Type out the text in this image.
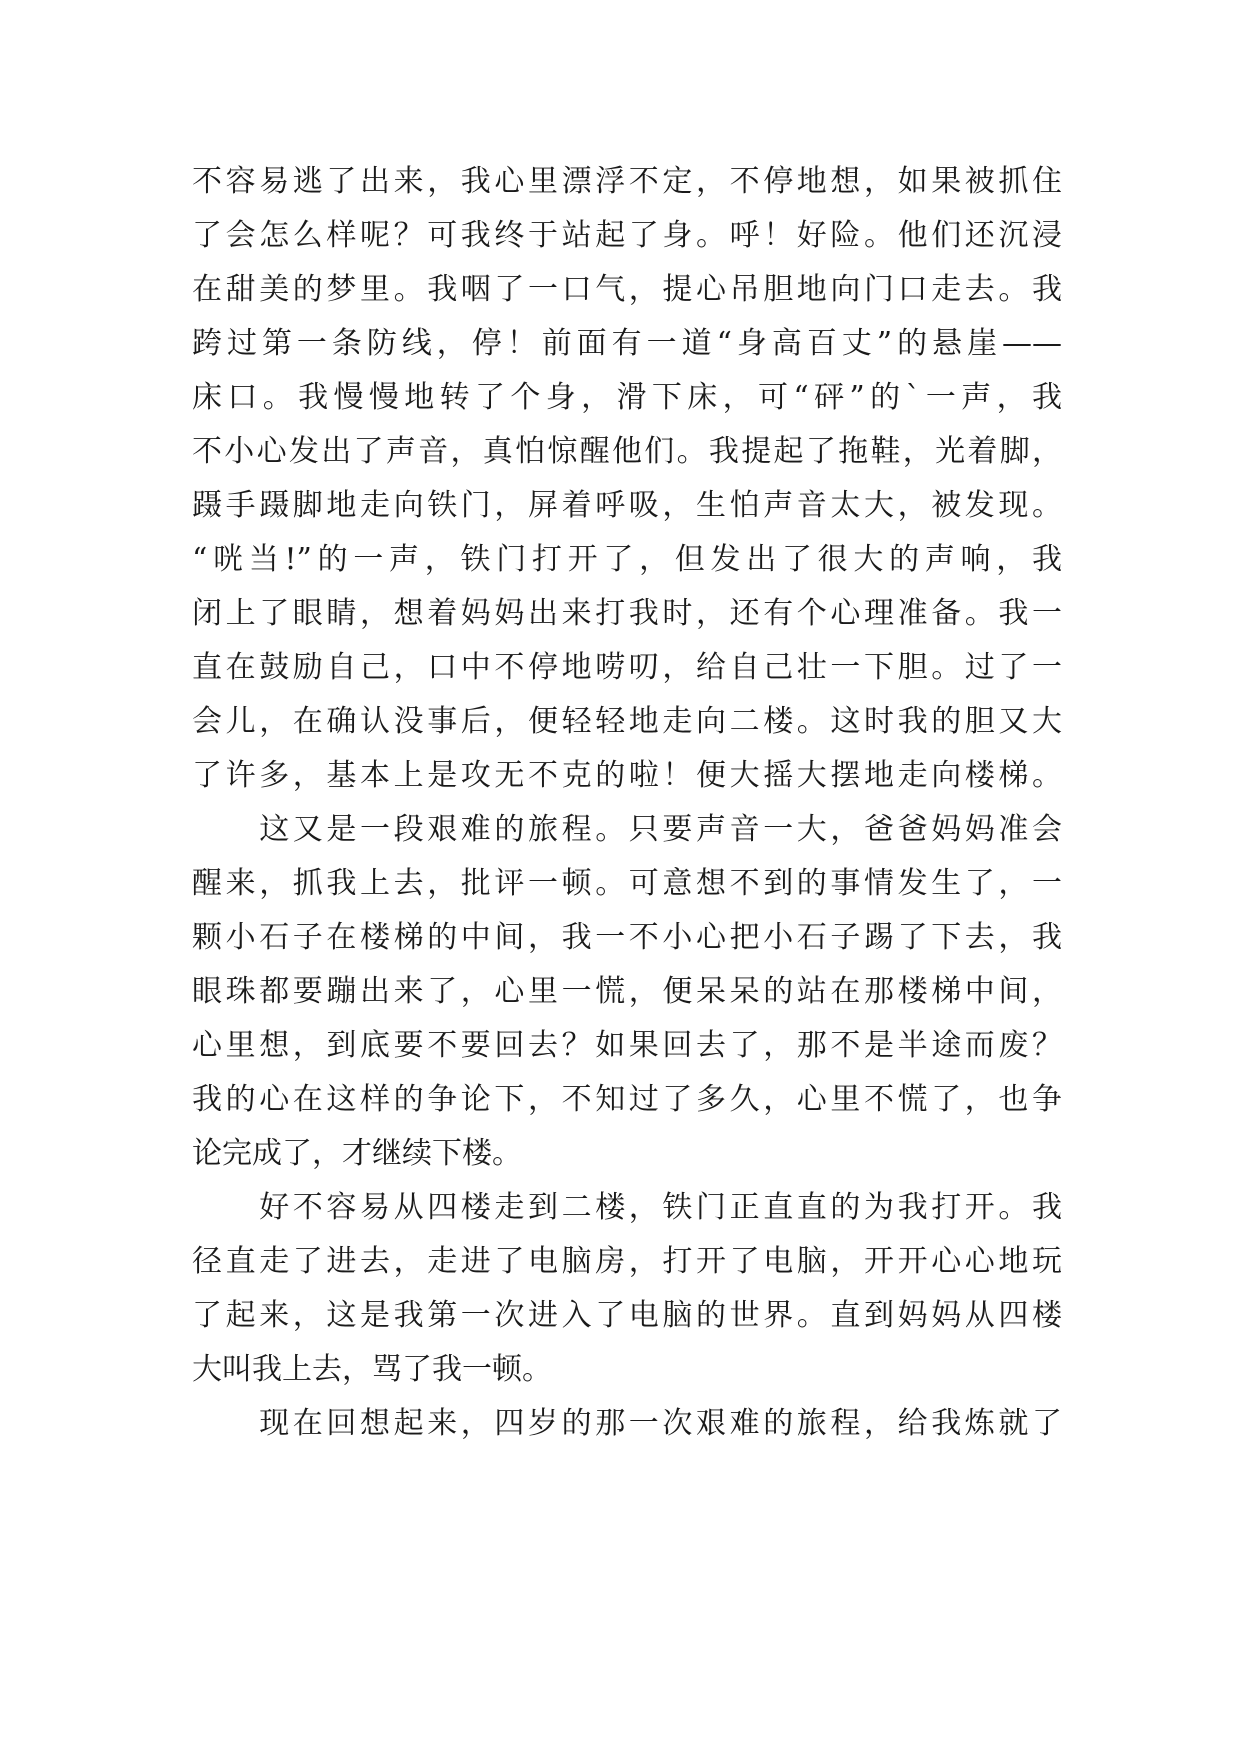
不容易逃了出来，我心里漂浮不定，不停地想，如果被抓住
了会怎么样呢？可我终于站起了身。呼！好险。他们还沉浸
在甜美的梦里。我咽了一口气，提心吊胆地向门口走去。我
跨过第一条防线，停！前面有一道“身高百丈”的悬崖——
床口。我慢慢地转了个身，滑下床，可“砰”的`一声，我
不小心发出了声音，真怕惊醒他们。我提起了拖鞋，光着脚，
蹑手蹑脚地走向铁门，屏着呼吸，生怕声音太大，被发现。
“咣当!”的一声，铁门打开了，但发出了很大的声响，我
闭上了眼睛，想着妈妈出来打我时，还有个心理准备。我一
直在鼓励自己，口中不停地唠叨，给自己壮一下胆。过了一
会儿，在确认没事后，便轻轻地走向二楼。这时我的胆又大
了许多，基本上是攻无不克的啦！便大摇大摆地走向楼梯。
　　这又是一段艰难的旅程。只要声音一大，爸爸妈妈准会
醒来，抓我上去，批评一顿。可意想不到的事情发生了，一
颗小石子在楼梯的中间，我一不小心把小石子踢了下去，我
眼珠都要蹦出来了，心里一慌，便呆呆的站在那楼梯中间，
心里想，到底要不要回去？如果回去了，那不是半途而废？
我的心在这样的争论下，不知过了多久，心里不慌了，也争
论完成了，才继续下楼。
　　好不容易从四楼走到二楼，铁门正直直的为我打开。我
径直走了进去，走进了电脑房，打开了电脑，开开心心地玩
了起来，这是我第一次进入了电脑的世界。直到妈妈从四楼
大叫我上去，骂了我一顿。
　　现在回想起来，四岁的那一次艰难的旅程，给我炼就了
